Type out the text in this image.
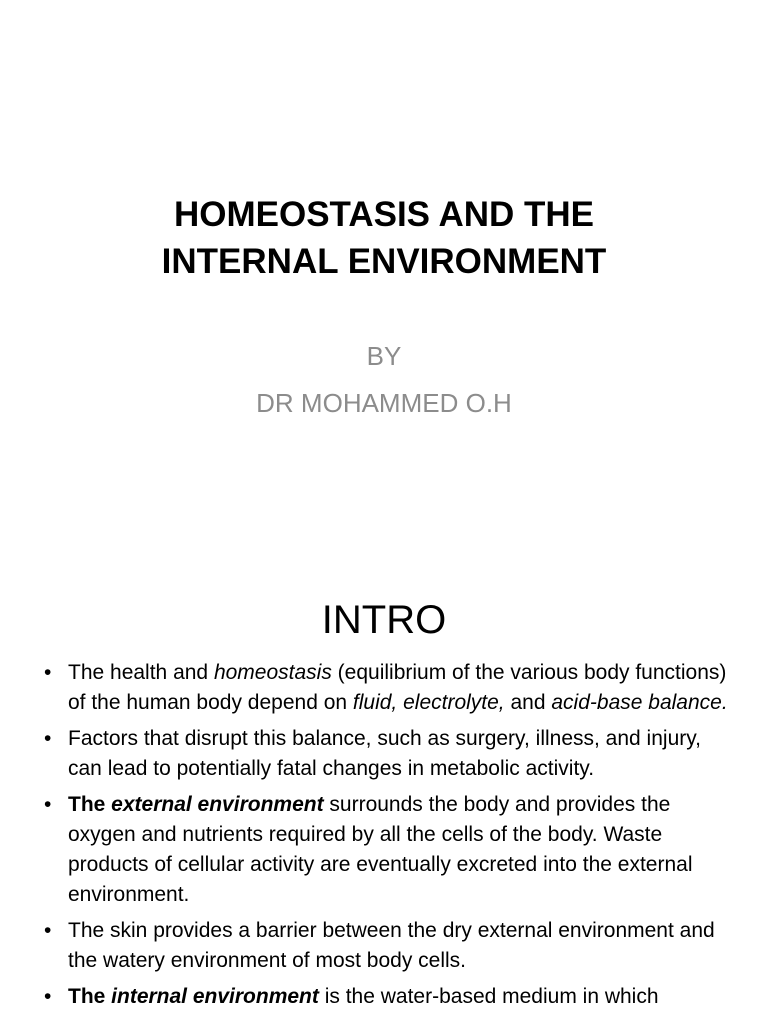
HOMEOSTASIS AND THE
INTERNAL ENVIRONMENT
BY
DR MOHAMMED O.H
INTRO
• The health and homeostasis (equilibrium of the various body functions) of the human body depend on fluid, electrolyte, and acid-base balance.
• Factors that disrupt this balance, such as surgery, illness, and injury, can lead to potentially fatal changes in metabolic activity.
• The external environment surrounds the body and provides the oxygen and nutrients required by all the cells of the body. Waste products of cellular activity are eventually excreted into the external environment.
• The skin provides a barrier between the dry external environment and the watery environment of most body cells.
• The internal environment is the water-based medium in which
